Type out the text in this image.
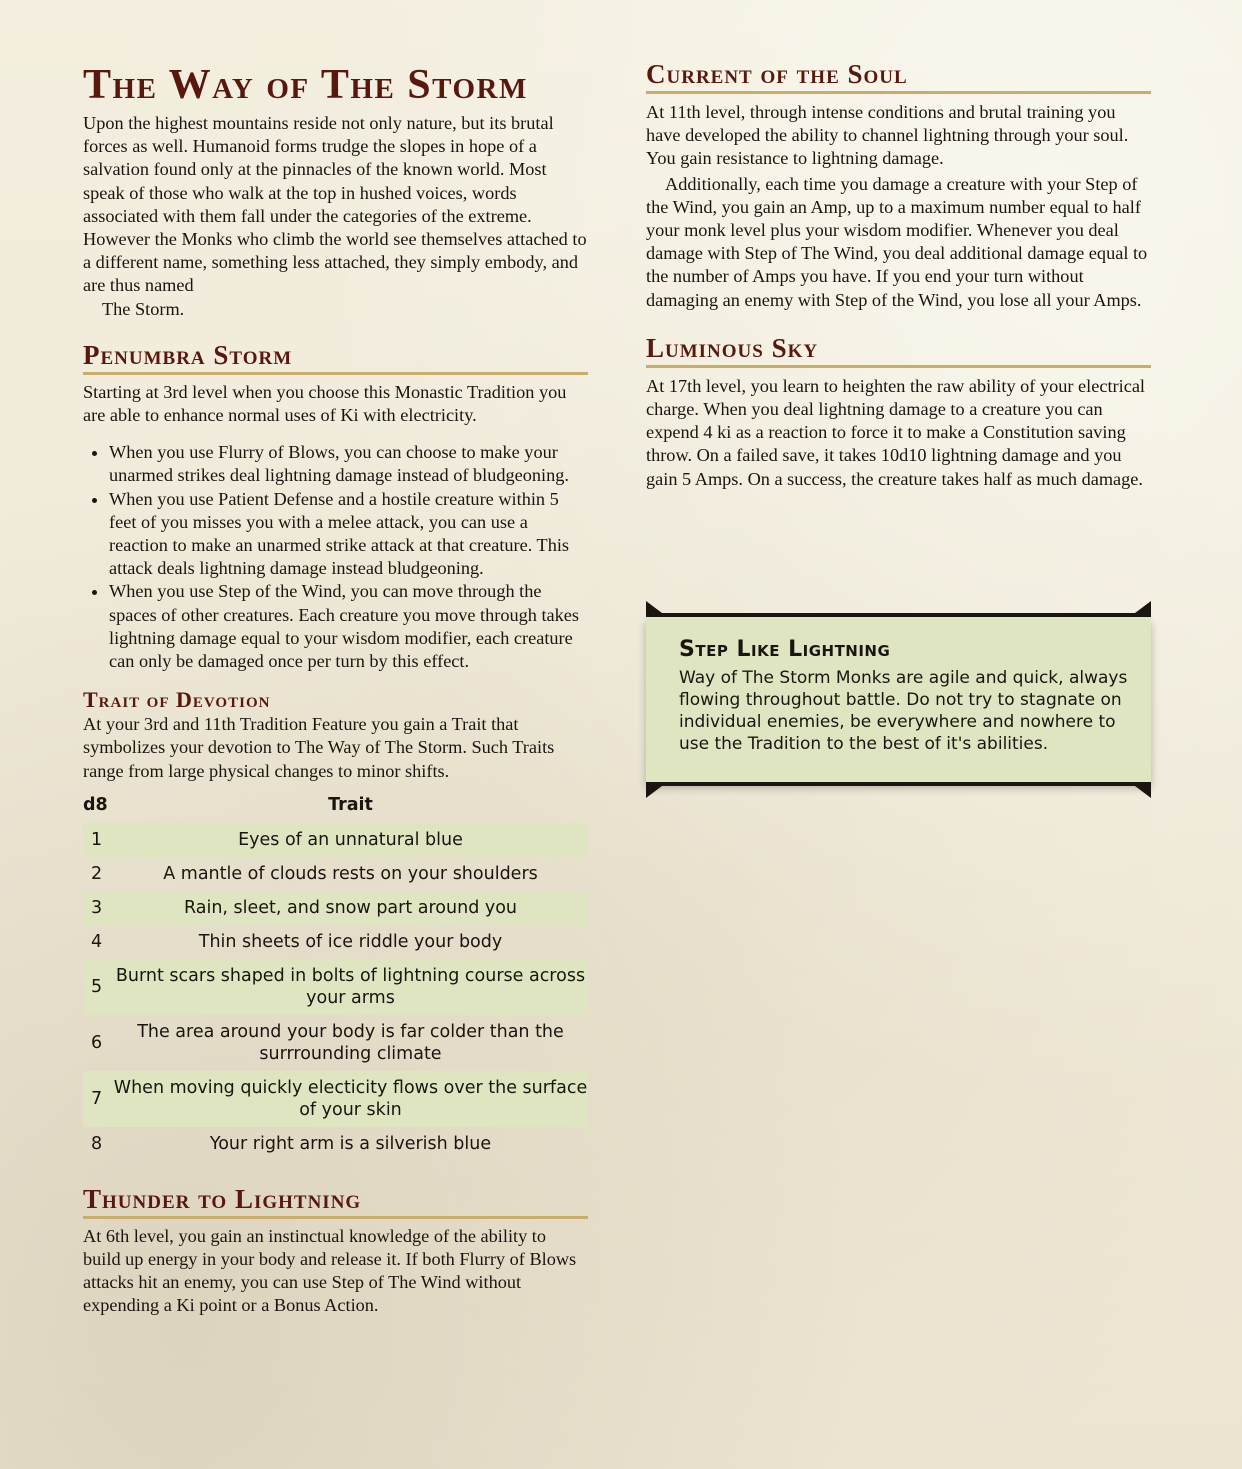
The Way of The Storm

Upon the highest mountains reside not only nature, but its brutal forces as well. Humanoid forms trudge the slopes in hope of a salvation found only at the pinnacles of the known world. Most speak of those who walk at the top in hushed voices, words associated with them fall under the categories of the extreme. However the Monks who climb the world see themselves attached to a different name, something less attached, they simply embody, and are thus named

The Storm.

Penumbra Storm

Starting at 3rd level when you choose this Monastic Tradition you are able to enhance normal uses of Ki with electricity.

• When you use Flurry of Blows, you can choose to make your unarmed strikes deal lightning damage instead of bludgeoning.
• When you use Patient Defense and a hostile creature within 5 feet of you misses you with a melee attack, you can use a reaction to make an unarmed strike attack at that creature. This attack deals lightning damage instead bludgeoning.
• When you use Step of the Wind, you can move through the spaces of other creatures. Each creature you move through takes lightning damage equal to your wisdom modifier, each creature can only be damaged once per turn by this effect.
Trait of Devotion

At your 3rd and 11th Tradition Feature you gain a Trait that symbolizes your devotion to The Way of The Storm. Such Traits range from large physical changes to minor shifts.

d8	Trait
1	Eyes of an unnatural blue
2	A mantle of clouds rests on your shoulders
3	Rain, sleet, and snow part around you
4	Thin sheets of ice riddle your body
5	Burnt scars shaped in bolts of lightning course across your arms
6	The area around your body is far colder than the surrrounding climate
7	When moving quickly electicity flows over the surface of your skin
8	Your right arm is a silverish blue
Thunder to Lightning

At 6th level, you gain an instinctual knowledge of the ability to build up energy in your body and release it. If both Flurry of Blows attacks hit an enemy, you can use Step of The Wind without expending a Ki point or a Bonus Action.

Current of the Soul

At 11th level, through intense conditions and brutal training you have developed the ability to channel lightning through your soul. You gain resistance to lightning damage.

Additionally, each time you damage a creature with your Step of the Wind, you gain an Amp, up to a maximum number equal to half your monk level plus your wisdom modifier. Whenever you deal damage with Step of The Wind, you deal additional damage equal to the number of Amps you have. If you end your turn without damaging an enemy with Step of the Wind, you lose all your Amps.

Luminous Sky

At 17th level, you learn to heighten the raw ability of your electrical charge. When you deal lightning damage to a creature you can expend 4 ki as a reaction to force it to make a Constitution saving throw. On a failed save, it takes 10d10 lightning damage and you gain 5 Amps. On a success, the creature takes half as much damage.

Step Like Lightning
Way of The Storm Monks are agile and quick, always flowing throughout battle. Do not try to stagnate on individual enemies, be everywhere and nowhere to use the Tradition to the best of it's abilities.
